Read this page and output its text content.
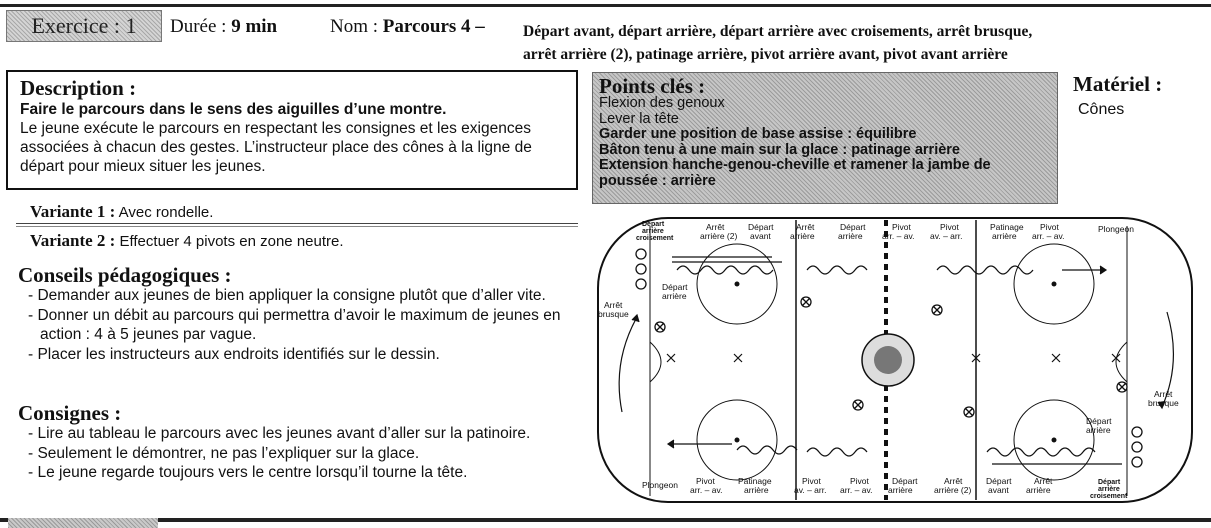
Exercice : 1	Durée : 9 min	Nom : Parcours 4 – Départ avant, départ arrière, départ arrière avec croisements, arrêt brusque,
arrêt arrière (2), patinage arrière, pivot arrière avant, pivot avant arrière
Description :
Faire le parcours dans le sens des aiguilles d’une montre.
Le jeune exécute le parcours en respectant les consignes et les exigences associées à chacun des gestes. L’instructeur place des cônes à la ligne de départ pour mieux situer les jeunes.
Variante 1 : Avec rondelle.
Variante 2 : Effectuer 4 pivots en zone neutre.
Conseils pédagogiques :
- Demander aux jeunes de bien appliquer la consigne plutôt que d’aller vite.
- Donner un débit au parcours qui permettra d’avoir le maximum de jeunes en action : 4 à 5 jeunes par vague.
- Placer les instructeurs aux endroits identifiés sur le dessin.
Consignes :
- Lire au tableau le parcours avec les jeunes avant d’aller sur la patinoire.
- Seulement le démontrer, ne pas l’expliquer sur la glace.
- Le jeune regarde toujours vers le centre lorsqu’il tourne la tête.
Points clés :
Flexion des genoux
Lever la tête
Garder une position de base assise : équilibre
Bâton tenu à une main sur la glace : patinage arrière
Extension hanche-genou-cheville et ramener la jambe de poussée : arrière
Matériel :
Cônes
Départ arrière croisement
Arrêt arrière (2)
Départ avant
Arrêt arrière
Départ arrière
Pivot arr. – av.
Pivot av. – arr.
Patinage arrière
Pivot arr. – av.
Plongeon
Départ arrière
Arrêt brusque
Arrêt brusque
Départ arrière
Plongeon	Pivot arr. – av.
Patinage arrière
Pivot av. – arr.
Pivot arr. – av.
Départ arrière
Arrêt arrière (2)
Départ avant
Arrêt arrière
Départ arrière croisement
